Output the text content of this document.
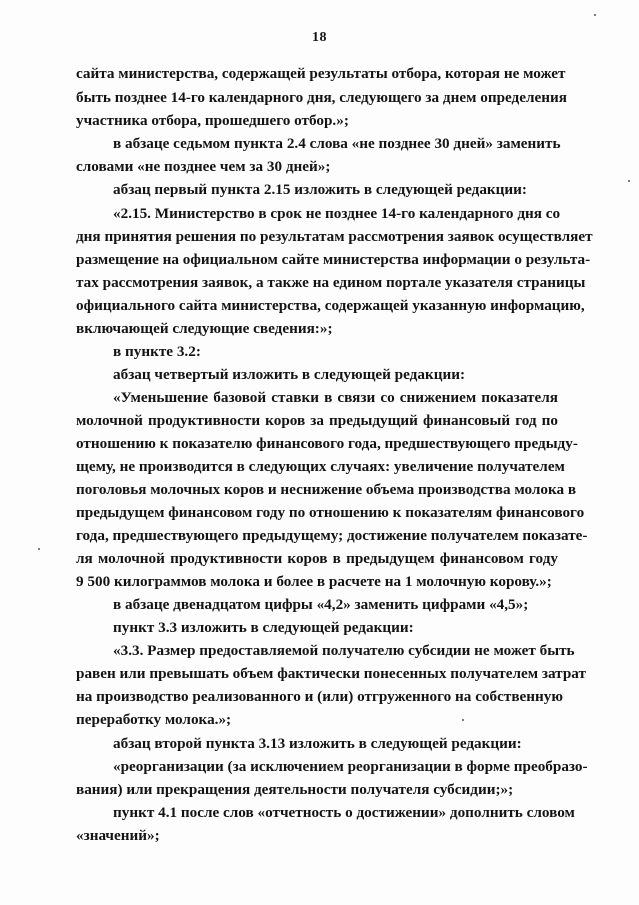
18
сайта министерства, содержащей результаты отбора, которая не может
быть позднее 14-го календарного дня, следующего за днем определения
участника отбора, прошедшего отбор.»;
в абзаце седьмом пункта 2.4 слова «не позднее 30 дней» заменить
словами «не позднее чем за 30 дней»;
абзац первый пункта 2.15 изложить в следующей редакции:
«2.15. Министерство в срок не позднее 14-го календарного дня со
дня принятия решения по результатам рассмотрения заявок осуществляет
размещение на официальном сайте министерства информации о результа-
тах рассмотрения заявок, а также на едином портале указателя страницы
официального сайта министерства, содержащей указанную информацию,
включающей следующие сведения:»;
в пункте 3.2:
абзац четвертый изложить в следующей редакции:
«Уменьшение базовой ставки в связи со снижением показателя
молочной продуктивности коров за предыдущий финансовый год по
отношению к показателю финансового года, предшествующего предыду-
щему, не производится в следующих случаях: увеличение получателем
поголовья молочных коров и неснижение объема производства молока в
предыдущем финансовом году по отношению к показателям финансового
года, предшествующего предыдущему; достижение получателем показате-
ля молочной продуктивности коров в предыдущем финансовом году
9 500 килограммов молока и более в расчете на 1 молочную корову.»;
в абзаце двенадцатом цифры «4,2» заменить цифрами «4,5»;
пункт 3.3 изложить в следующей редакции:
«3.3. Размер предоставляемой получателю субсидии не может быть
равен или превышать объем фактически понесенных получателем затрат
на производство реализованного и (или) отгруженного на собственную
переработку молока.»;
абзац второй пункта 3.13 изложить в следующей редакции:
«реорганизации (за исключением реорганизации в форме преобразо-
вания) или прекращения деятельности получателя субсидии;»;
пункт 4.1 после слов «отчетность о достижении» дополнить словом
«значений»;
